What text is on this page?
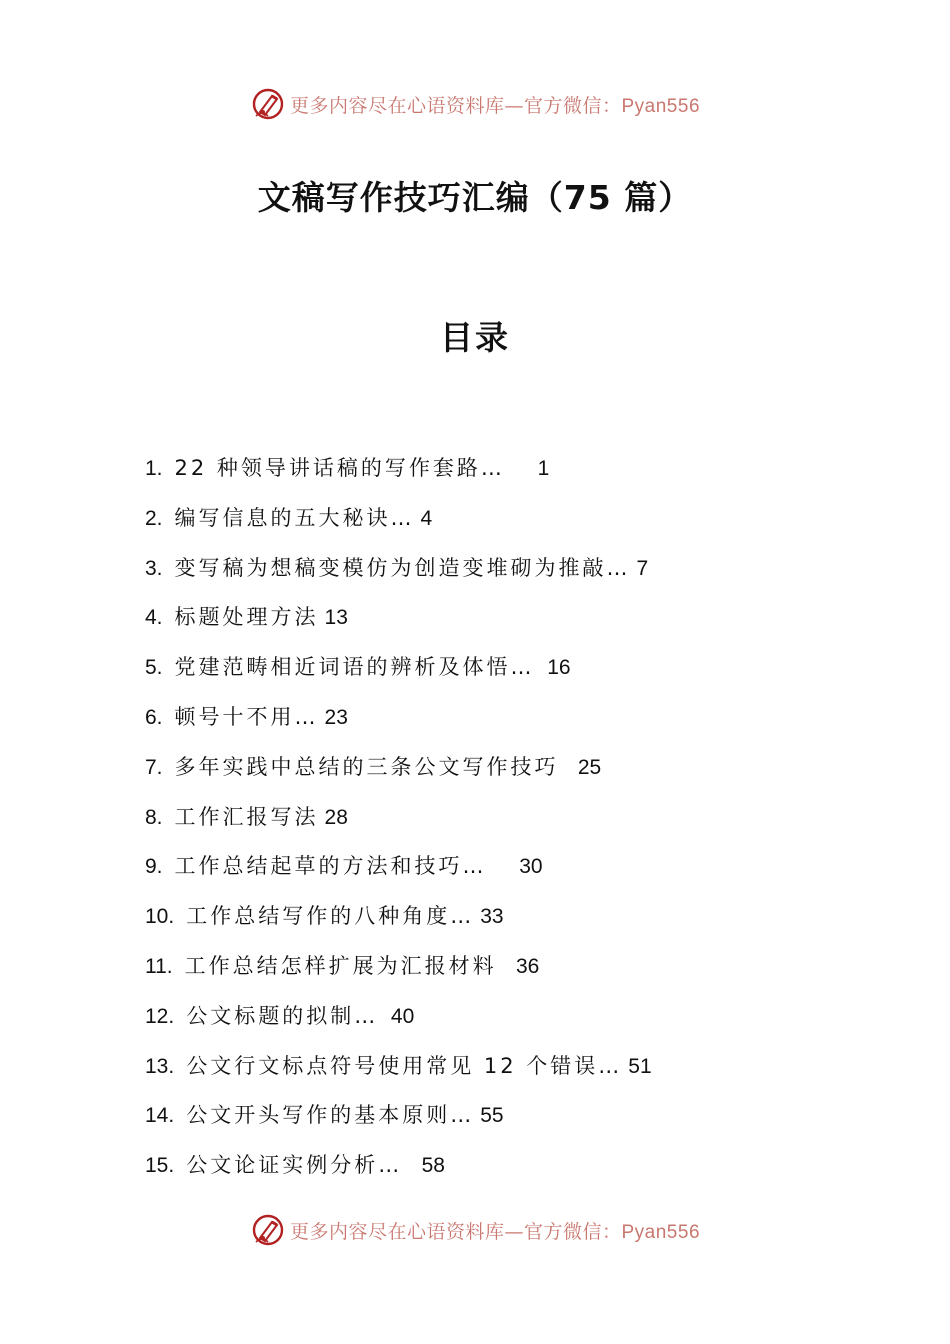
更多内容尽在心语资料库—官方微信：Pyan556
文稿写作技巧汇编（75 篇）
目录
1. 22 种领导讲话稿的写作套路… 1
2. 编写信息的五大秘诀… 4
3. 变写稿为想稿变模仿为创造变堆砌为推敲… 7
4. 标题处理方法 13
5. 党建范畴相近词语的辨析及体悟… 16
6. 顿号十不用… 23
7. 多年实践中总结的三条公文写作技巧 25
8. 工作汇报写法 28
9. 工作总结起草的方法和技巧… 30
10. 工作总结写作的八种角度… 33
11. 工作总结怎样扩展为汇报材料 36
12. 公文标题的拟制… 40
13. 公文行文标点符号使用常见 12 个错误… 51
14. 公文开头写作的基本原则… 55
15. 公文论证实例分析… 58
更多内容尽在心语资料库—官方微信：Pyan556
